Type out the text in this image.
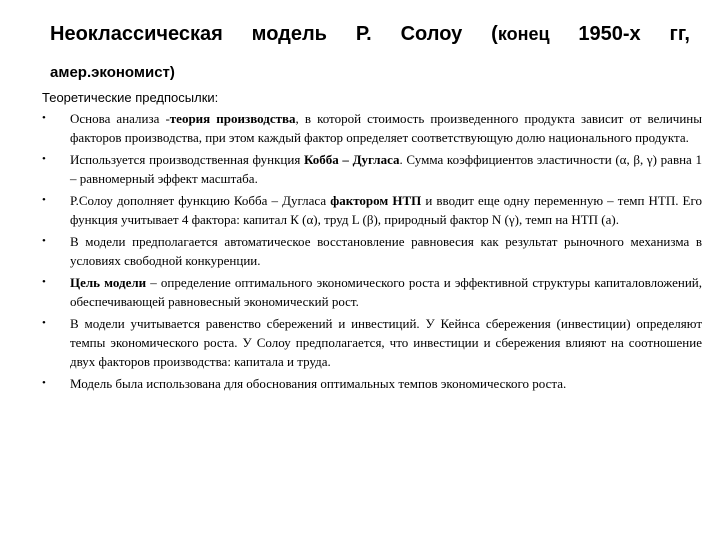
Неоклассическая модель Р. Солоу (конец 1950-х гг,
амер.экономист)
Теоретические предпосылки:
•	Основа анализа -теория производства, в которой стоимость произведенного продукта зависит от величины факторов производства, при этом каждый фактор определяет соответствующую долю национального продукта.
•	Используется производственная функция Кобба – Дугласа. Сумма коэффициентов эластичности (α, β, γ) равна 1 – равномерный эффект масштаба.
•	Р.Солоу дополняет функцию Кобба – Дугласа фактором НТП и вводит еще одну переменную – темп НТП. Его функция учитывает 4 фактора: капитал К (α), труд L (β), природный фактор N (γ), темп на НТП (a).
•	В модели предполагается автоматическое восстановление равновесия как результат рыночного механизма в условиях свободной конкуренции.
•	Цель модели – определение оптимального экономического роста и эффективной структуры капиталовложений, обеспечивающей равновесный экономический рост.
•	В модели учитывается равенство сбережений и инвестиций. У Кейнса сбережения (инвестиции) определяют темпы экономического роста. У Солоу предполагается, что инвестиции и сбережения влияют на соотношение двух факторов производства: капитала и труда.
•	Модель была использована для обоснования оптимальных темпов экономического роста.
